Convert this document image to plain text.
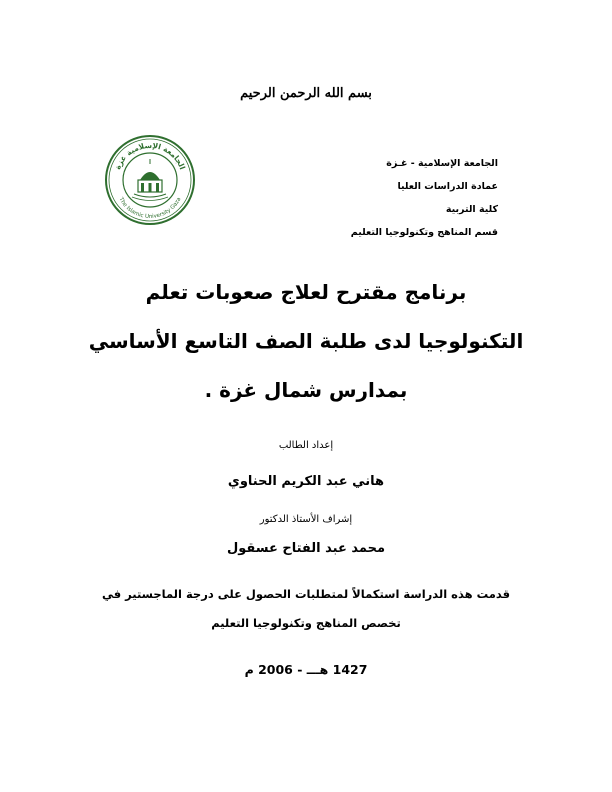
بسم الله الرحمن الرحيم
الجامعة الإسلامية - غـزة
عمادة الدراسات العليا
كلية التربية
قسم المناهج وتكنولوجيا التعليم
الجامعة الإسلامية غزة
The Islamic University Gaza
برنامج مقترح لعلاج صعوبات تعلم
التكنولوجيا لدى طلبة الصف التاسع الأساسي
بمدارس شمال غزة .
إعداد الطالب
هاني عبد الكريم الحناوي
إشراف الأستاذ الدكتور
محمد عبد الفتاح عسقول
قدمت هذه الدراسة استكمالاً لمتطلبات الحصول على درجة الماجستير في
تخصص المناهج وتكنولوجيا التعليم
1427 هـــ - 2006 م
